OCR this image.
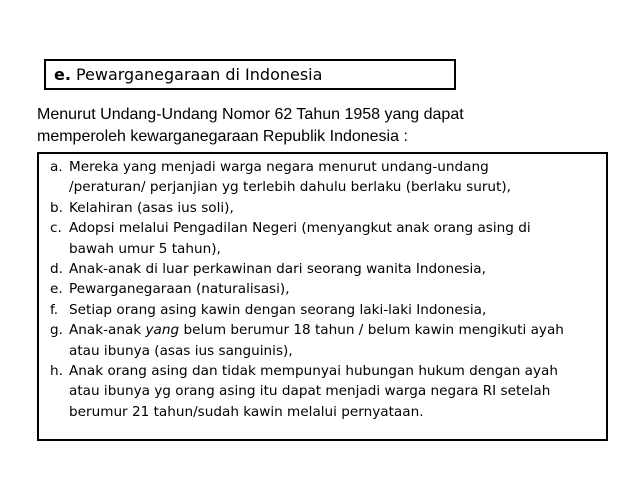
e. Pewarganegaraan di Indonesia
Menurut Undang-Undang Nomor 62 Tahun 1958 yang dapat
memperoleh kewarganegaraan Republik Indonesia :
a. Mereka yang menjadi warga negara menurut undang-undang
/peraturan/ perjanjian yg terlebih dahulu berlaku (berlaku surut),
b. Kelahiran (asas ius soli),
c. Adopsi melalui Pengadilan Negeri (menyangkut anak orang asing di
bawah umur 5 tahun),
d. Anak-anak di luar perkawinan dari seorang wanita Indonesia,
e. Pewarganegaraan (naturalisasi),
f. Setiap orang asing kawin dengan seorang laki-laki Indonesia,
g. Anak-anak yang belum berumur 18 tahun / belum kawin mengikuti ayah
atau ibunya (asas ius sanguinis),
h. Anak orang asing dan tidak mempunyai hubungan hukum dengan ayah
atau ibunya yg orang asing itu dapat menjadi warga negara RI setelah
berumur 21 tahun/sudah kawin melalui pernyataan.
